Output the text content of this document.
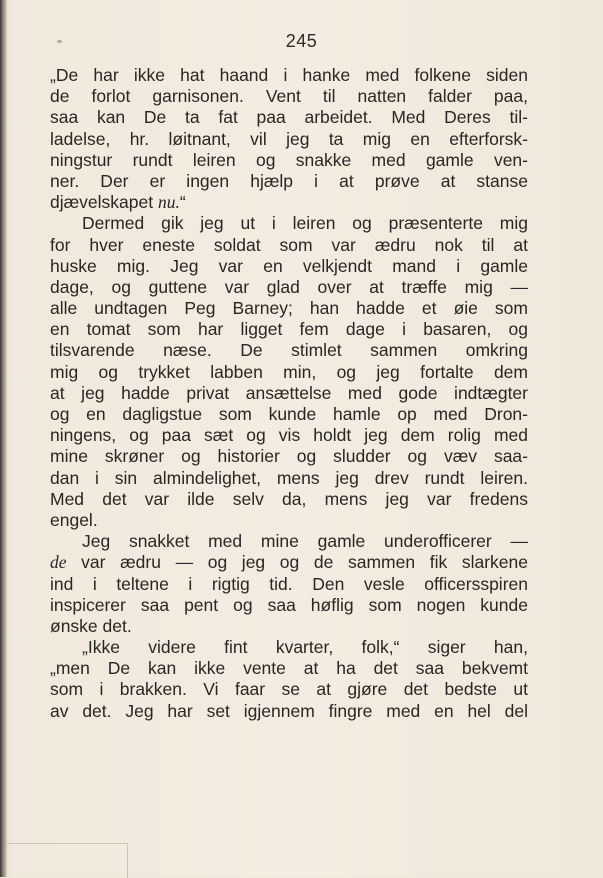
245
„De har ikke hat haand i hanke med folkene siden
de forlot garnisonen. Vent til natten falder paa,
saa kan De ta fat paa arbeidet. Med Deres til-
ladelse, hr. løitnant, vil jeg ta mig en efterforsk-
ningstur rundt leiren og snakke med gamle ven-
ner. Der er ingen hjælp i at prøve at stanse
djævelskapet nu.“
Dermed gik jeg ut i leiren og præsenterte mig
for hver eneste soldat som var ædru nok til at
huske mig. Jeg var en velkjendt mand i gamle
dage, og guttene var glad over at træffe mig —
alle undtagen Peg Barney; han hadde et øie som
en tomat som har ligget fem dage i basaren, og
tilsvarende næse. De stimlet sammen omkring
mig og trykket labben min, og jeg fortalte dem
at jeg hadde privat ansættelse med gode indtægter
og en dagligstue som kunde hamle op med Dron-
ningens, og paa sæt og vis holdt jeg dem rolig med
mine skrøner og historier og sludder og væv saa-
dan i sin almindelighet, mens jeg drev rundt leiren.
Med det var ilde selv da, mens jeg var fredens
engel.
Jeg snakket med mine gamle underofficerer —
de var ædru — og jeg og de sammen fik slarkene
ind i teltene i rigtig tid. Den vesle officersspiren
inspicerer saa pent og saa høflig som nogen kunde
ønske det.
„Ikke videre fint kvarter, folk,“ siger han,
„men De kan ikke vente at ha det saa bekvemt
som i brakken. Vi faar se at gjøre det bedste ut
av det. Jeg har set igjennem fingre med en hel del
